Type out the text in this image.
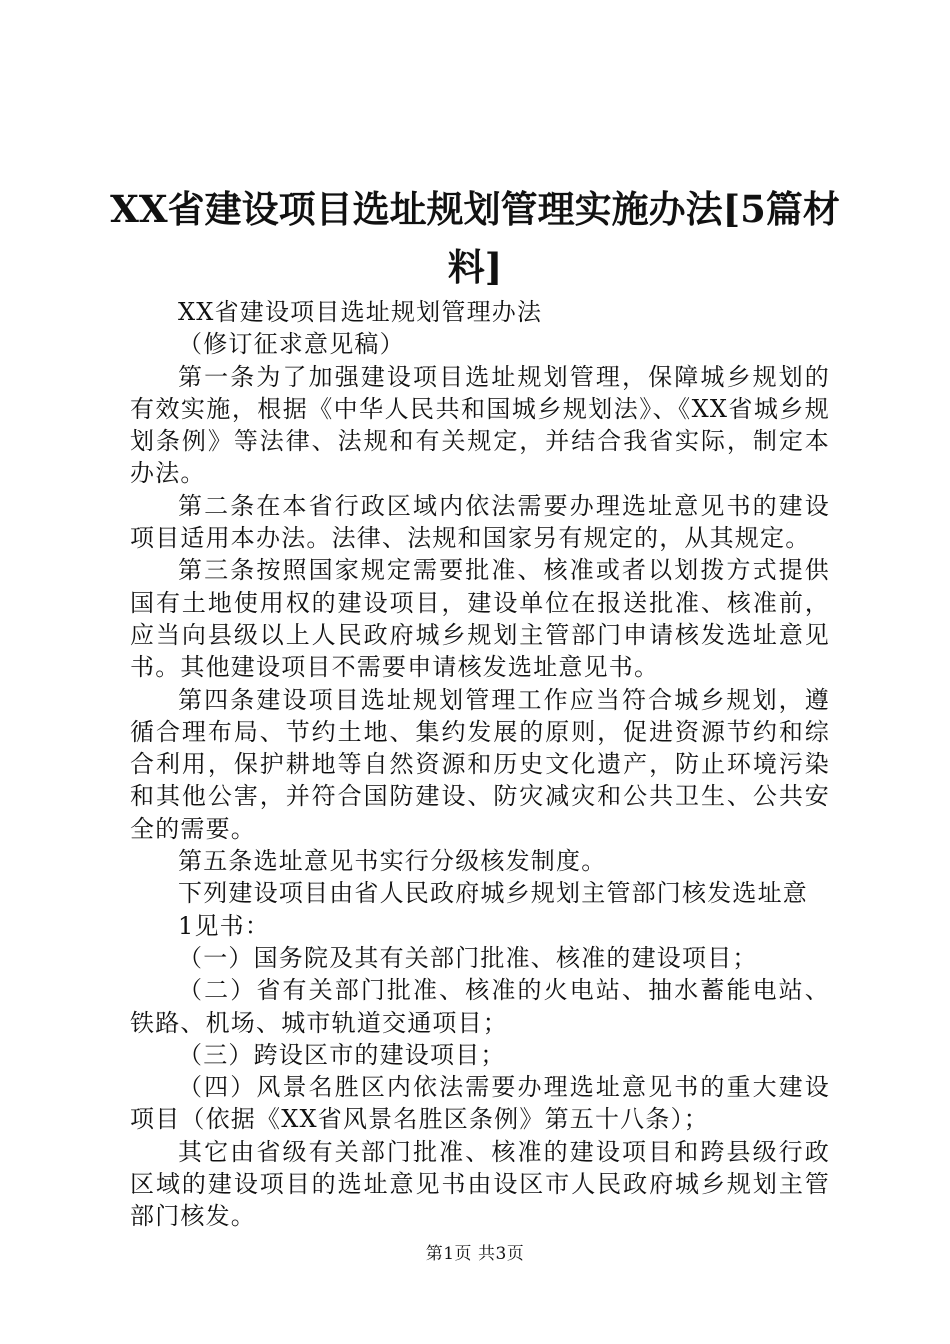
XX省建设项目选址规划管理实施办法[5篇材料]

XX省建设项目选址规划管理办法

（修订征求意见稿）

第一条为了加强建设项目选址规划管理，保障城乡规划的有效实施，根据《中华人民共和国城乡规划法》、《XX省城乡规划条例》等法律、法规和有关规定，并结合我省实际，制定本办法。

第二条在本省行政区域内依法需要办理选址意见书的建设项目适用本办法。法律、法规和国家另有规定的，从其规定。

第三条按照国家规定需要批准、核准或者以划拨方式提供国有土地使用权的建设项目，建设单位在报送批准、核准前，应当向县级以上人民政府城乡规划主管部门申请核发选址意见书。其他建设项目不需要申请核发选址意见书。

第四条建设项目选址规划管理工作应当符合城乡规划，遵循合理布局、节约土地、集约发展的原则，促进资源节约和综合利用，保护耕地等自然资源和历史文化遗产，防止环境污染和其他公害，并符合国防建设、防灾减灾和公共卫生、公共安全的需要。

第五条选址意见书实行分级核发制度。

下列建设项目由省人民政府城乡规划主管部门核发选址意

1见书：

（一）国务院及其有关部门批准、核准的建设项目；

（二）省有关部门批准、核准的火电站、抽水蓄能电站、铁路、机场、城市轨道交通项目；

（三）跨设区市的建设项目；

（四）风景名胜区内依法需要办理选址意见书的重大建设项目（依据《XX省风景名胜区条例》第五十八条）；

其它由省级有关部门批准、核准的建设项目和跨县级行政区域的建设项目的选址意见书由设区市人民政府城乡规划主管部门核发。

第1页 共3页
